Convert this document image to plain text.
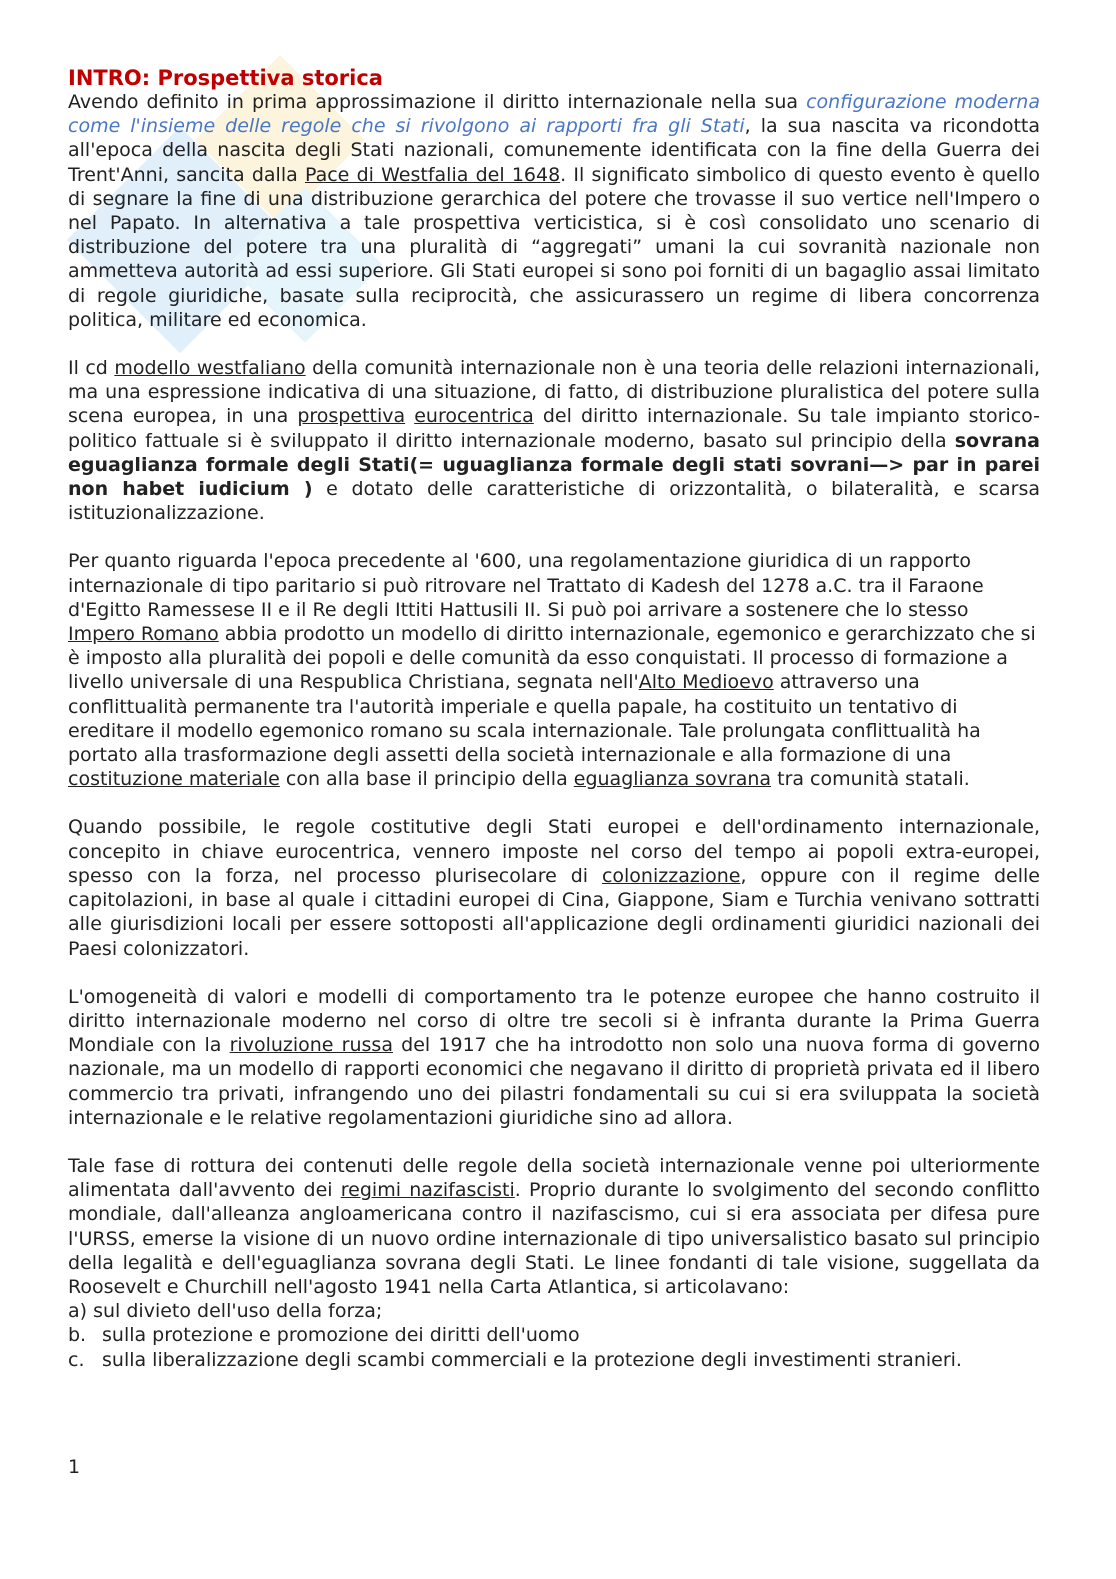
INTRO: Prospettiva storica

Avendo definito in prima approssimazione il diritto internazionale nella sua configurazione moderna come l'insieme delle regole che si rivolgono ai rapporti fra gli Stati, la sua nascita va ricondotta all'epoca della nascita degli Stati nazionali, comunemente identificata con la fine della Guerra dei Trent'Anni, sancita dalla Pace di Westfalia del 1648. Il significato simbolico di questo evento è quello di segnare la fine di una distribuzione gerarchica del potere che trovasse il suo vertice nell'Impero o nel Papato. In alternativa a tale prospettiva verticistica, si è così consolidato uno scenario di distribuzione del potere tra una pluralità di “aggregati” umani la cui sovranità nazionale non ammetteva autorità ad essi superiore. Gli Stati europei si sono poi forniti di un bagaglio assai limitato di regole giuridiche, basate sulla reciprocità, che assicurassero un regime di libera concorrenza politica, militare ed economica.

Il cd modello westfaliano della comunità internazionale non è una teoria delle relazioni internazionali, ma una espressione indicativa di una situazione, di fatto, di distribuzione pluralistica del potere sulla scena europea, in una prospettiva eurocentrica del diritto internazionale. Su tale impianto storico-politico fattuale si è sviluppato il diritto internazionale moderno, basato sul principio della sovrana eguaglianza formale degli Stati(= uguaglianza formale degli stati sovrani—> par in parei non habet iudicium ) e dotato delle caratteristiche di orizzontalità, o bilateralità, e scarsa istituzionalizzazione.

Per quanto riguarda l'epoca precedente al '600, una regolamentazione giuridica di un rapporto internazionale di tipo paritario si può ritrovare nel Trattato di Kadesh del 1278 a.C. tra il Faraone d'Egitto Ramessese II e il Re degli Ittiti Hattusili II. Si può poi arrivare a sostenere che lo stesso Impero Romano abbia prodotto un modello di diritto internazionale, egemonico e gerarchizzato che si è imposto alla pluralità dei popoli e delle comunità da esso conquistati. Il processo di formazione a livello universale di una Respublica Christiana, segnata nell'Alto Medioevo attraverso una conflittualità permanente tra l'autorità imperiale e quella papale, ha costituito un tentativo di ereditare il modello egemonico romano su scala internazionale. Tale prolungata conflittualità ha portato alla trasformazione degli assetti della società internazionale e alla formazione di una costituzione materiale con alla base il principio della eguaglianza sovrana tra comunità statali.

Quando possibile, le regole costitutive degli Stati europei e dell'ordinamento internazionale, concepito in chiave eurocentrica, vennero imposte nel corso del tempo ai popoli extra-europei, spesso con la forza, nel processo plurisecolare di colonizzazione, oppure con il regime delle capitolazioni, in base al quale i cittadini europei di Cina, Giappone, Siam e Turchia venivano sottratti alle giurisdizioni locali per essere sottoposti all'applicazione degli ordinamenti giuridici nazionali dei Paesi colonizzatori.

L'omogeneità di valori e modelli di comportamento tra le potenze europee che hanno costruito il diritto internazionale moderno nel corso di oltre tre secoli si è infranta durante la Prima Guerra Mondiale con la rivoluzione russa del 1917 che ha introdotto non solo una nuova forma di governo nazionale, ma un modello di rapporti economici che negavano il diritto di proprietà privata ed il libero commercio tra privati, infrangendo uno dei pilastri fondamentali su cui si era sviluppata la società internazionale e le relative regolamentazioni giuridiche sino ad allora.

Tale fase di rottura dei contenuti delle regole della società internazionale venne poi ulteriormente alimentata dall'avvento dei regimi nazifascisti. Proprio durante lo svolgimento del secondo conflitto mondiale, dall'alleanza angloamericana contro il nazifascismo, cui si era associata per difesa pure l'URSS, emerse la visione di un nuovo ordine internazionale di tipo universalistico basato sul principio della legalità e dell'eguaglianza sovrana degli Stati. Le linee fondanti di tale visione, suggellata da Roosevelt e Churchill nell'agosto 1941 nella Carta Atlantica, si articolavano:

a) sul divieto dell'uso della forza;
b. sulla protezione e promozione dei diritti dell'uomo
c. sulla liberalizzazione degli scambi commerciali e la protezione degli investimenti stranieri.
1
